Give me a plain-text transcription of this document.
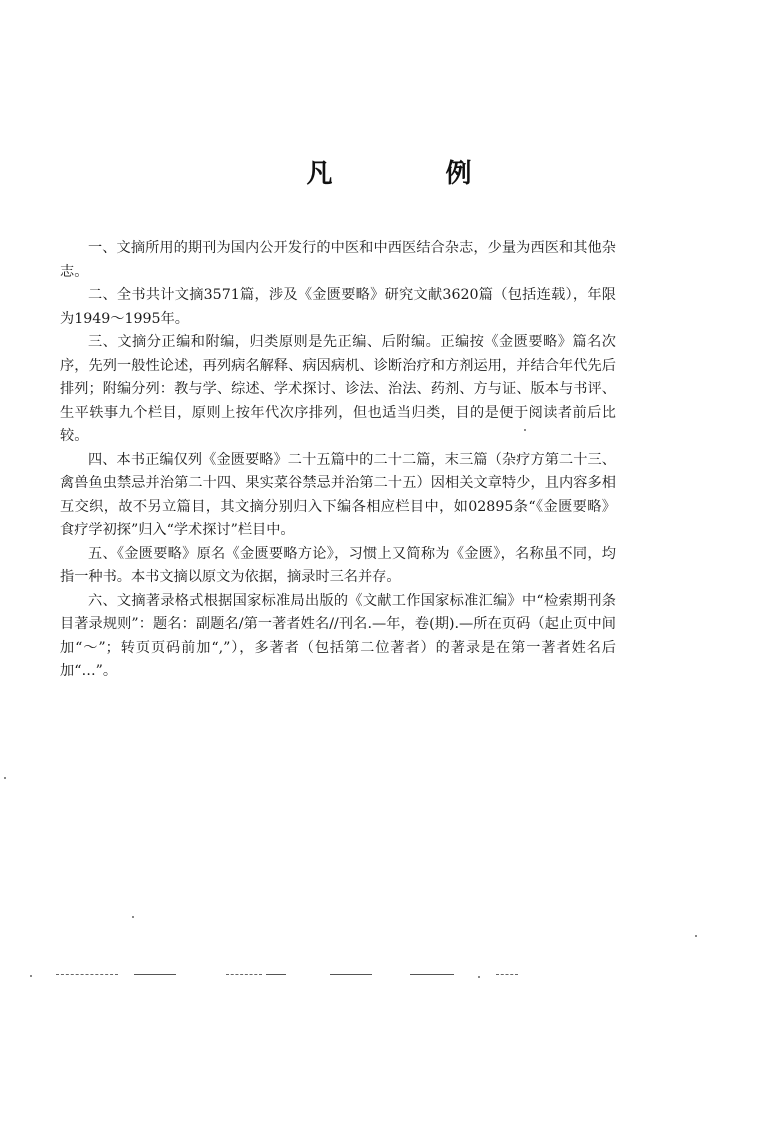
凡 例

一、文摘所用的期刊为国内公开发行的中医和中西医结合杂志，少量为西医和其他杂志。

二、全书共计文摘3571篇，涉及《金匮要略》研究文献3620篇（包括连载），年限为1949～1995年。

三、文摘分正编和附编，归类原则是先正编、后附编。正编按《金匮要略》篇名次序，先列一般性论述，再列病名解释、病因病机、诊断治疗和方剂运用，并结合年代先后排列；附编分列：教与学、综述、学术探讨、诊法、治法、药剂、方与证、版本与书评、生平轶事九个栏目，原则上按年代次序排列，但也适当归类，目的是便于阅读者前后比较。

四、本书正编仅列《金匮要略》二十五篇中的二十二篇，末三篇（杂疗方第二十三、禽兽鱼虫禁忌并治第二十四、果实菜谷禁忌并治第二十五）因相关文章特少，且内容多相互交织，故不另立篇目，其文摘分别归入下编各相应栏目中，如02895条“《金匮要略》食疗学初探”归入“学术探讨”栏目中。

五、《金匮要略》原名《金匮要略方论》，习惯上又简称为《金匮》，名称虽不同，均指一种书。本书文摘以原文为依据，摘录时三名并存。

六、文摘著录格式根据国家标准局出版的《文献工作国家标准汇编》中“检索期刊条目著录规则”：题名：副题名/第一著者姓名//刊名.—年，卷(期).—所在页码（起止页中间加“～”；转页页码前加“,”），多著者（包括第二位著者）的著录是在第一著者姓名后加“…”。
